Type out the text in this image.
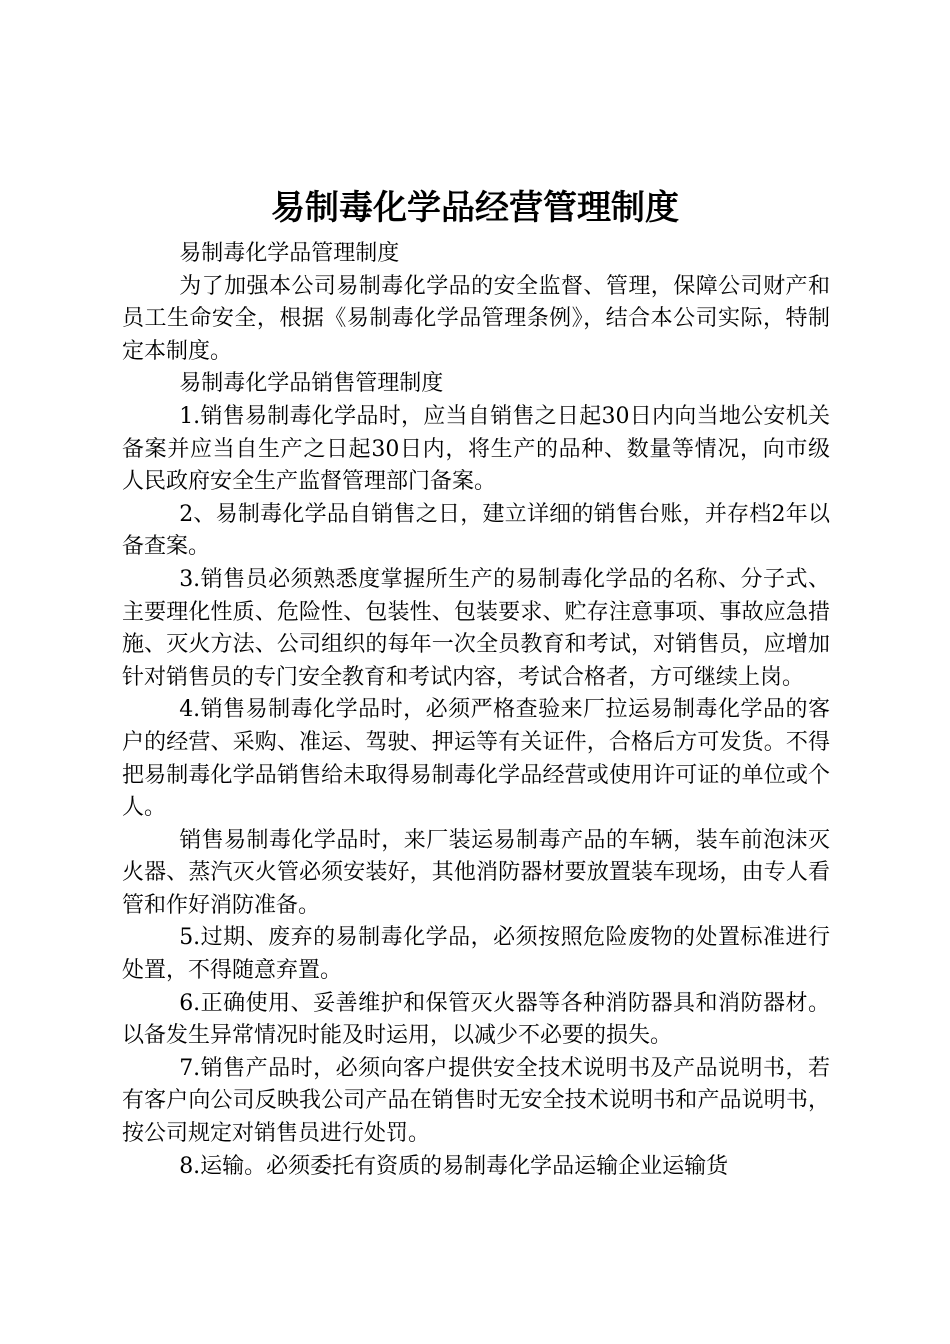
易制毒化学品经营管理制度

易制毒化学品管理制度

为了加强本公司易制毒化学品的安全监督、管理，保障公司财产和员工生命安全，根据《易制毒化学品管理条例》，结合本公司实际，特制定本制度。

易制毒化学品销售管理制度

1.销售易制毒化学品时，应当自销售之日起30日内向当地公安机关备案并应当自生产之日起30日内，将生产的品种、数量等情况，向市级人民政府安全生产监督管理部门备案。

2、易制毒化学品自销售之日，建立详细的销售台账，并存档2年以备查案。

3.销售员必须熟悉度掌握所生产的易制毒化学品的名称、分子式、主要理化性质、危险性、包装性、包装要求、贮存注意事项、事故应急措施、灭火方法、公司组织的每年一次全员教育和考试，对销售员，应增加针对销售员的专门安全教育和考试内容，考试合格者，方可继续上岗。

4.销售易制毒化学品时，必须严格查验来厂拉运易制毒化学品的客户的经营、采购、准运、驾驶、押运等有关证件，合格后方可发货。不得把易制毒化学品销售给未取得易制毒化学品经营或使用许可证的单位或个人。

销售易制毒化学品时，来厂装运易制毒产品的车辆，装车前泡沫灭火器、蒸汽灭火管必须安装好，其他消防器材要放置装车现场，由专人看管和作好消防准备。

5.过期、废弃的易制毒化学品，必须按照危险废物的处置标准进行处置，不得随意弃置。

6.正确使用、妥善维护和保管灭火器等各种消防器具和消防器材。以备发生异常情况时能及时运用，以减少不必要的损失。

7.销售产品时，必须向客户提供安全技术说明书及产品说明书，若有客户向公司反映我公司产品在销售时无安全技术说明书和产品说明书，按公司规定对销售员进行处罚。

8.运输。必须委托有资质的易制毒化学品运输企业运输货
